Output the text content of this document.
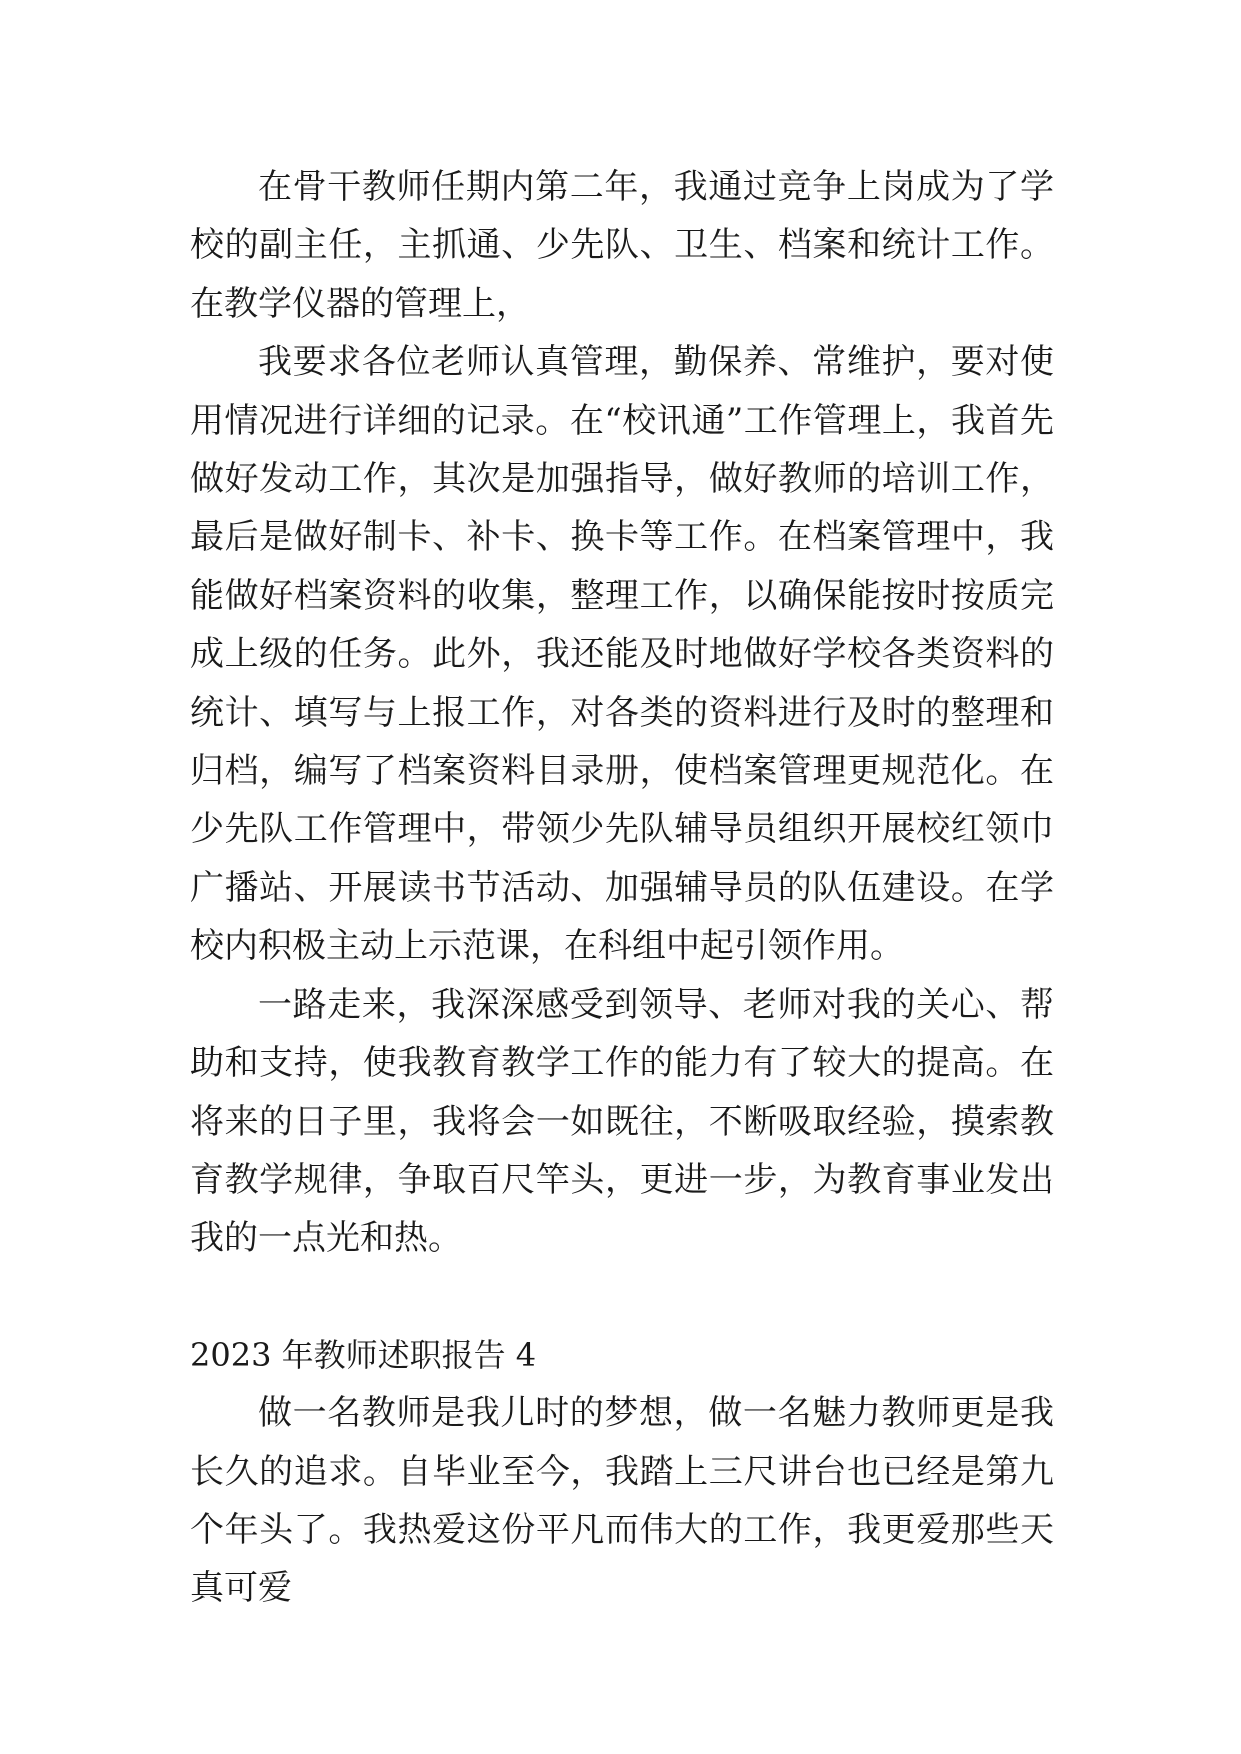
在骨干教师任期内第二年，我通过竞争上岗成为了学校的副主任，主抓通、少先队、卫生、档案和统计工作。在教学仪器的管理上，

我要求各位老师认真管理，勤保养、常维护，要对使用情况进行详细的记录。在“校讯通”工作管理上，我首先做好发动工作，其次是加强指导，做好教师的培训工作，最后是做好制卡、补卡、换卡等工作。在档案管理中，我能做好档案资料的收集，整理工作，以确保能按时按质完成上级的任务。此外，我还能及时地做好学校各类资料的统计、填写与上报工作，对各类的资料进行及时的整理和归档，编写了档案资料目录册，使档案管理更规范化。在少先队工作管理中，带领少先队辅导员组织开展校红领巾广播站、开展读书节活动、加强辅导员的队伍建设。在学校内积极主动上示范课，在科组中起引领作用。

一路走来，我深深感受到领导、老师对我的关心、帮助和支持，使我教育教学工作的能力有了较大的提高。在将来的日子里，我将会一如既往，不断吸取经验，摸索教育教学规律，争取百尺竿头，更进一步，为教育事业发出我的一点光和热。

2023 年教师述职报告 4

做一名教师是我儿时的梦想，做一名魅力教师更是我长久的追求。自毕业至今，我踏上三尺讲台也已经是第九个年头了。我热爱这份平凡而伟大的工作，我更爱那些天真可爱
